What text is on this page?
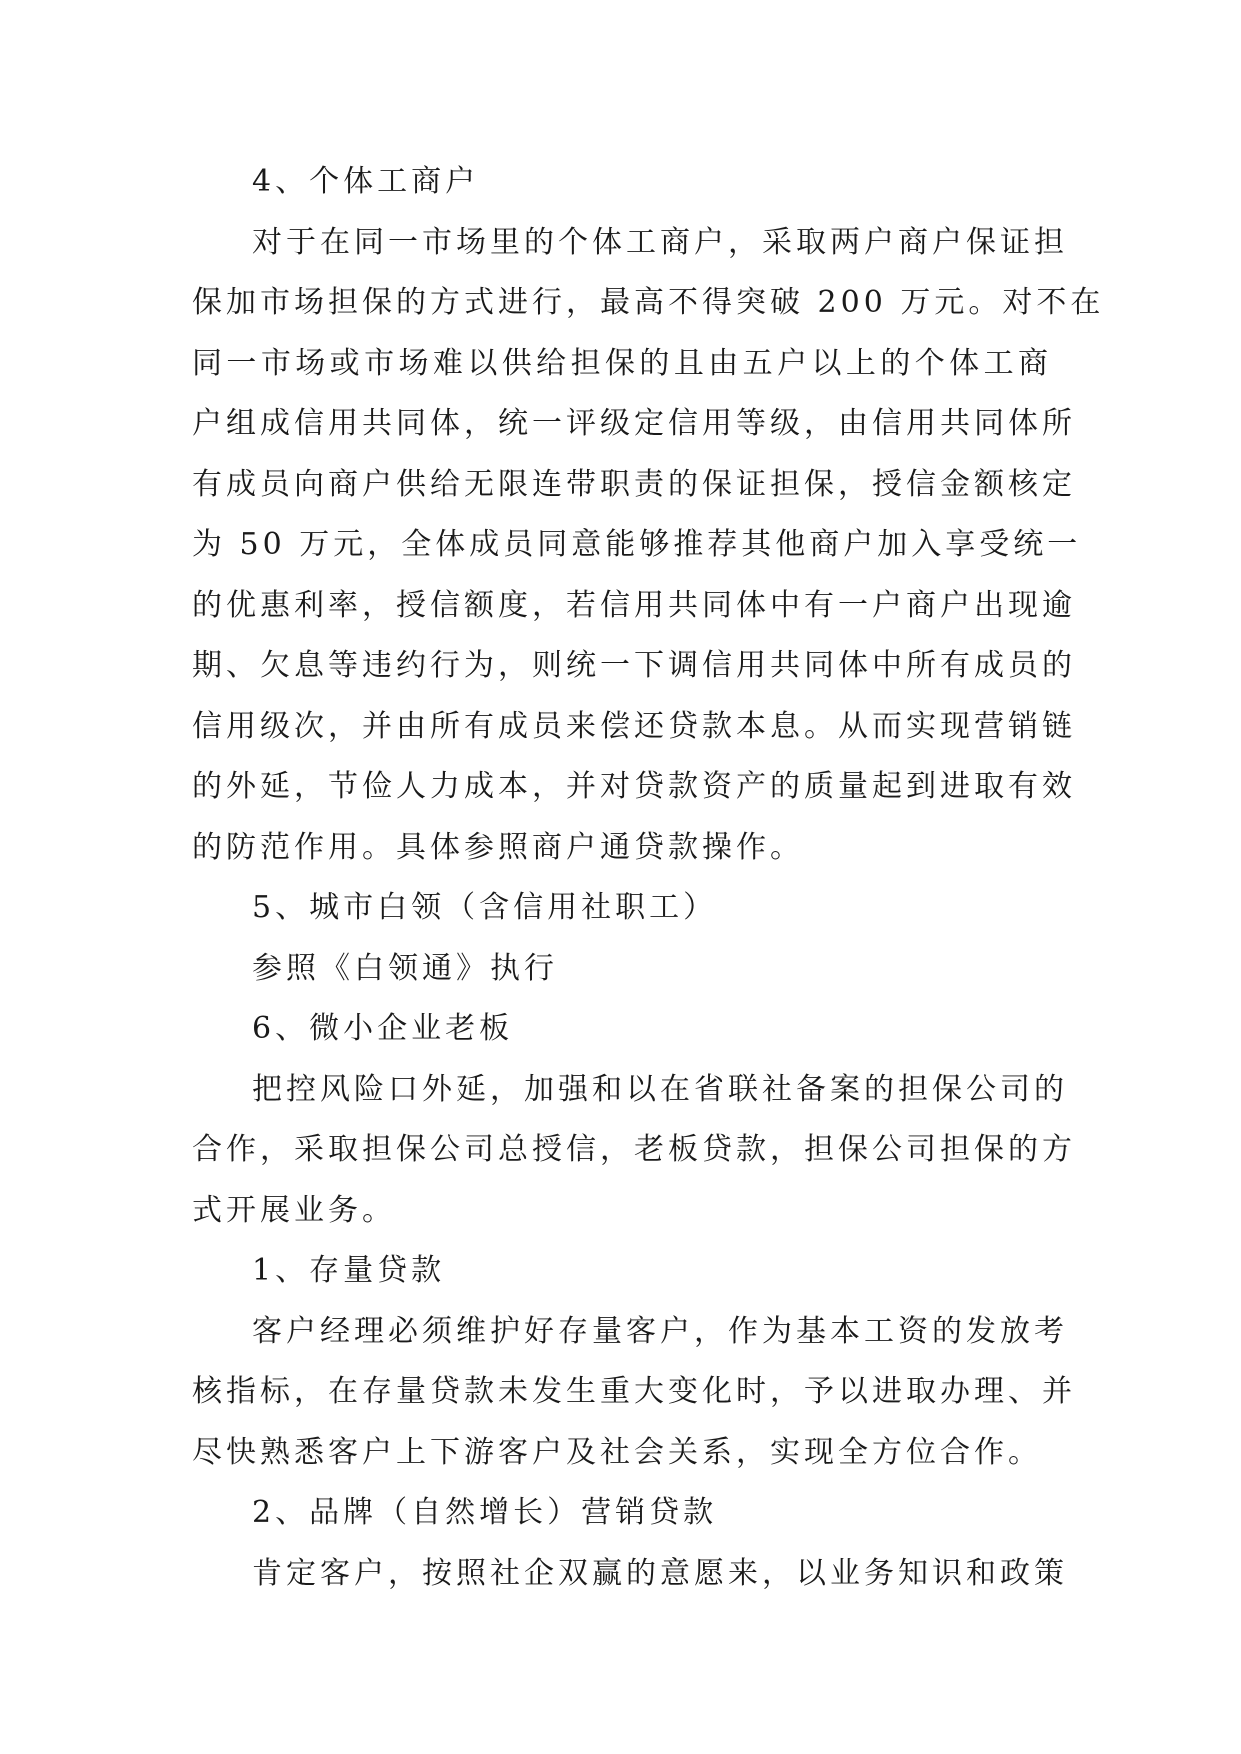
4、个体工商户
对于在同一市场里的个体工商户，采取两户商户保证担
保加市场担保的方式进行，最高不得突破 200 万元。对不在
同一市场或市场难以供给担保的且由五户以上的个体工商
户组成信用共同体，统一评级定信用等级，由信用共同体所
有成员向商户供给无限连带职责的保证担保，授信金额核定
为 50 万元，全体成员同意能够推荐其他商户加入享受统一
的优惠利率，授信额度，若信用共同体中有一户商户出现逾
期、欠息等违约行为，则统一下调信用共同体中所有成员的
信用级次，并由所有成员来偿还贷款本息。从而实现营销链
的外延，节俭人力成本，并对贷款资产的质量起到进取有效
的防范作用。具体参照商户通贷款操作。
5、城市白领（含信用社职工）
参照《白领通》执行
6、微小企业老板
把控风险口外延，加强和以在省联社备案的担保公司的
合作，采取担保公司总授信，老板贷款，担保公司担保的方
式开展业务。
1、存量贷款
客户经理必须维护好存量客户，作为基本工资的发放考
核指标，在存量贷款未发生重大变化时，予以进取办理、并
尽快熟悉客户上下游客户及社会关系，实现全方位合作。
2、品牌（自然增长）营销贷款
肯定客户，按照社企双赢的意愿来，以业务知识和政策
